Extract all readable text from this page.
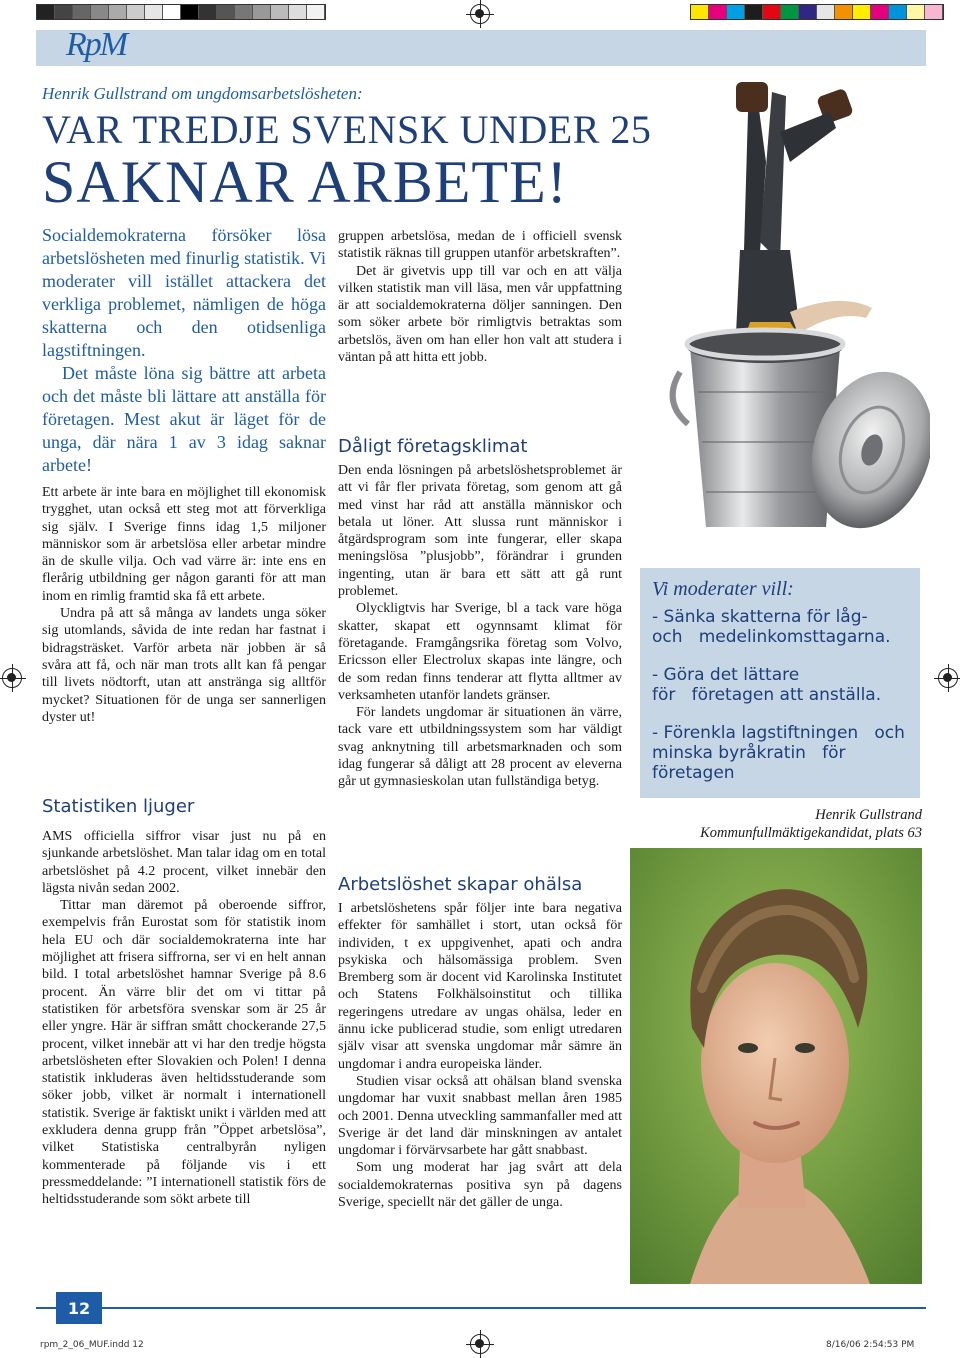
RpM
Henrik Gullstrand om ungdomsarbetslösheten:
VAR TREDJE SVENSK UNDER 25
SAKNAR ARBETE!

Socialdemokraterna försöker lösa arbetslösheten med finurlig statistik. Vi moderater vill istället attackera det verkliga problemet, nämligen de höga skatterna och den otidsenliga lagstiftningen.

Det måste löna sig bättre att arbeta och det måste bli lättare att anställa för företagen. Mest akut är läget för de unga, där nära 1 av 3 idag saknar arbete!

Ett arbete är inte bara en möjlighet till ekonomisk trygghet, utan också ett steg mot att förverkliga sig själv. I Sverige finns idag 1,5 miljoner människor som är arbetslösa eller arbetar mindre än de skulle vilja. Och vad värre är: inte ens en flerårig utbildning ger någon garanti för att man inom en rimlig framtid ska få ett arbete.

Undra på att så många av landets unga söker sig utomlands, såvida de inte redan har fastnat i bidragsträsket. Varför arbeta när jobben är så svåra att få, och när man trots allt kan få pengar till livets nödtorft, utan att anstränga sig alltför mycket? Situationen för de unga ser sannerligen dyster ut!

Statistiken ljuger

AMS officiella siffror visar just nu på en sjunkande arbetslöshet. Man talar idag om en total arbetslöshet på 4.2 procent, vilket innebär den lägsta nivån sedan 2002.

Tittar man däremot på oberoende siffror, exempelvis från Eurostat som för statistik inom hela EU och där socialdemokraterna inte har möjlighet att frisera siffrorna, ser vi en helt annan bild. I total arbetslöshet hamnar Sverige på 8.6 procent. Än värre blir det om vi tittar på statistiken för arbetsföra svenskar som är 25 år eller yngre. Här är siffran smått chockerande 27,5 procent, vilket innebär att vi har den tredje högsta arbetslösheten efter Slovakien och Polen! I denna statistik inkluderas även heltidsstuderande som söker jobb, vilket är normalt i internationell statistik. Sverige är faktiskt unikt i världen med att exkludera denna grupp från ”Öppet arbetslösa”, vilket Statistiska centralbyrån nyligen kommenterade på följande vis i ett pressmeddelande: ”I internationell statistik förs de heltidsstuderande som sökt arbete till

gruppen arbetslösa, medan de i officiell svensk statistik räknas till gruppen utanför arbetskraften”.

Det är givetvis upp till var och en att välja vilken statistik man vill läsa, men vår uppfattning är att socialdemokraterna döljer sanningen. Den som söker arbete bör rimligtvis betraktas som arbetslös, även om han eller hon valt att studera i väntan på att hitta ett jobb.

Dåligt företagsklimat

Den enda lösningen på arbetslöshetsproblemet är att vi får fler privata företag, som genom att gå med vinst har råd att anställa människor och betala ut löner. Att slussa runt människor i åtgärdsprogram som inte fungerar, eller skapa meningslösa ”plusjobb”, förändrar i grunden ingenting, utan är bara ett sätt att gå runt problemet.

Olyckligtvis har Sverige, bl a tack vare höga skatter, skapat ett ogynnsamt klimat för företagande. Framgångsrika företag som Volvo, Ericsson eller Electrolux skapas inte längre, och de som redan finns tenderar att flytta alltmer av verksamheten utanför landets gränser.

För landets ungdomar är situationen än värre, tack vare ett utbildningssystem som har väldigt svag anknytning till arbetsmarknaden och som idag fungerar så dåligt att 28 procent av eleverna går ut gymnasieskolan utan fullständiga betyg.

Arbetslöshet skapar ohälsa

I arbetslöshetens spår följer inte bara negativa effekter för samhället i stort, utan också för individen, t ex uppgivenhet, apati och andra psykiska och hälsomässiga problem. Sven Bremberg som är docent vid Karolinska Institutet och Statens Folkhälsoinstitut och tillika regeringens utredare av ungas ohälsa, leder en ännu icke publicerad studie, som enligt utredaren själv visar att svenska ungdomar mår sämre än ungdomar i andra europeiska länder.

Studien visar också att ohälsan bland svenska ungdomar har vuxit snabbast mellan åren 1985 och 2001. Denna utveckling sammanfaller med att Sverige är det land där minskningen av antalet ungdomar i förvärvsarbete har gått snabbast.

Som ung moderat har jag svårt att dela socialdemokraternas positiva syn på dagens Sverige, speciellt när det gäller de unga.

Vi moderater vill:
- Sänka skatterna för låg- och   medelinkomsttagarna.
- Göra det lättare för   företagen att anställa.
- Förenkla lagstiftningen   och minska byråkratin   för företagen
Henrik Gullstrand
Kommunfullmäktigekandidat, plats 63
12
rpm_2_06_MUF.indd 12	8/16/06 2:54:53 PM
